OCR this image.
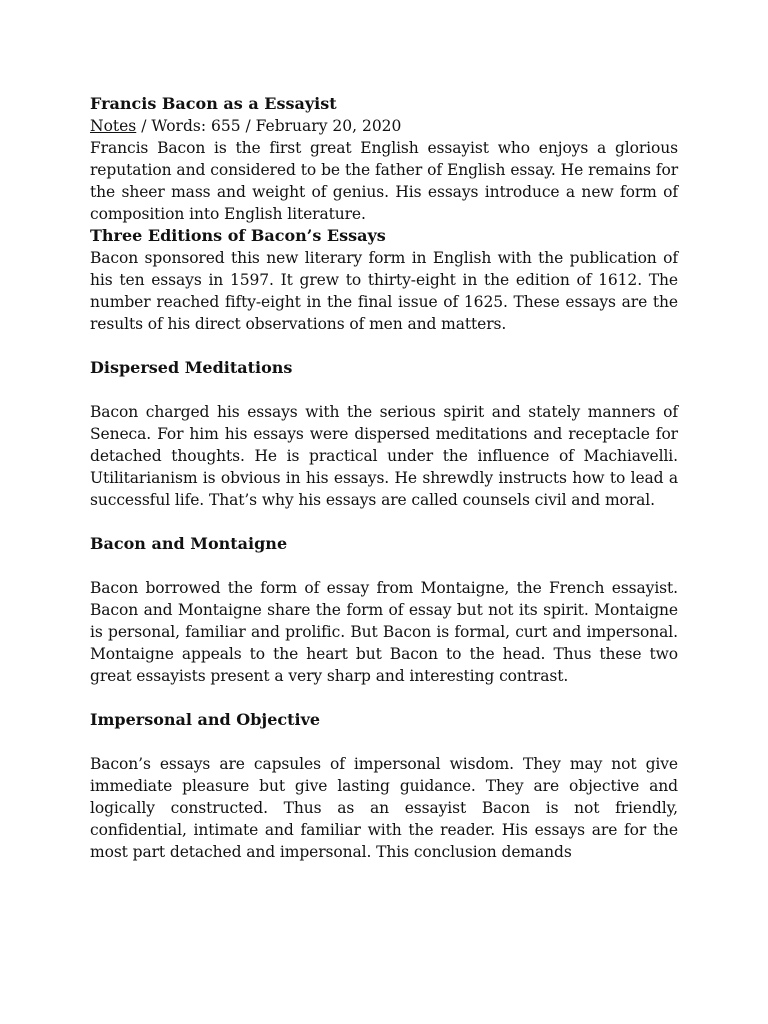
Francis Bacon as a Essayist
Notes / Words: 655 / February 20, 2020

Francis Bacon is the first great English essayist who enjoys a glorious reputation and considered to be the father of English essay. He remains for the sheer mass and weight of genius. His essays introduce a new form of composition into English literature.

Three Editions of Bacon’s Essays

Bacon sponsored this new literary form in English with the publication of his ten essays in 1597. It grew to thirty-eight in the edition of 1612. The number reached fifty-eight in the final issue of 1625. These essays are the results of his direct observations of men and matters.

Dispersed Meditations

Bacon charged his essays with the serious spirit and stately manners of Seneca. For him his essays were dispersed meditations and receptacle for detached thoughts. He is practical under the influence of Machiavelli. Utilitarianism is obvious in his essays. He shrewdly instructs how to lead a successful life. That’s why his essays are called counsels civil and moral.

Bacon and Montaigne

Bacon borrowed the form of essay from Montaigne, the French essayist. Bacon and Montaigne share the form of essay but not its spirit. Montaigne is personal, familiar and prolific. But Bacon is formal, curt and impersonal. Montaigne appeals to the heart but Bacon to the head. Thus these two great essayists present a very sharp and interesting contrast.

Impersonal and Objective

Bacon’s essays are capsules of impersonal wisdom. They may not give immediate pleasure but give lasting guidance. They are objective and logically constructed. Thus as an essayist Bacon is not friendly, confidential, intimate and familiar with the reader. His essays are for the most part detached and impersonal. This conclusion demands
